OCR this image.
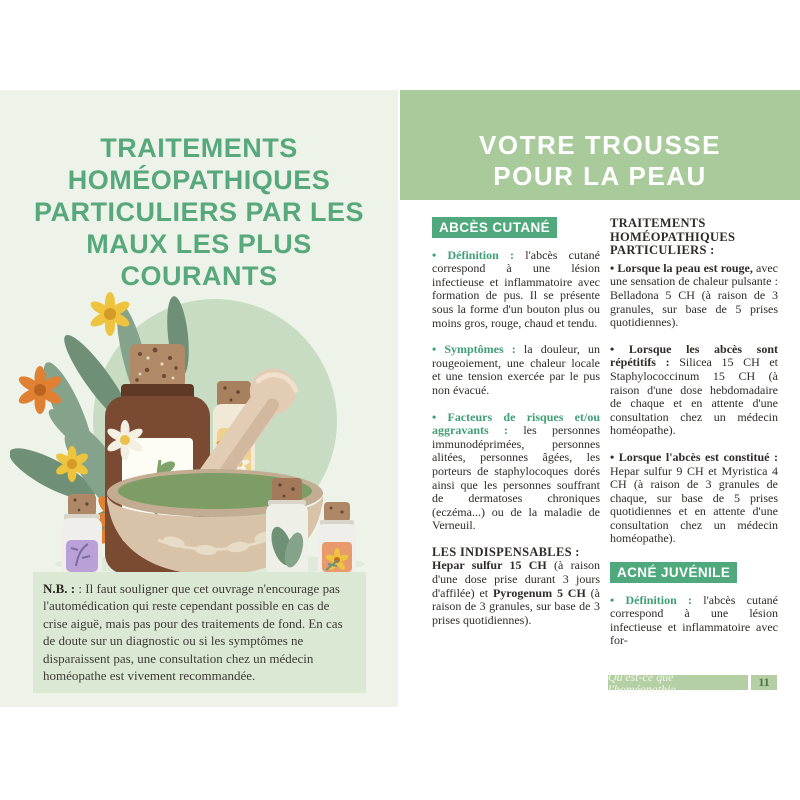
TRAITEMENTS HOMÉOPATHIQUES PARTICULIERS PAR LES MAUX LES PLUS COURANTS
N.B. : : Il faut souligner que cet ouvrage n'encourage pas l'automédication qui reste cependant possible en cas de crise aiguë, mais pas pour des traitements de fond. En cas de doute sur un diagnostic ou si les symptômes ne disparaissent pas, une consultation chez un médecin homéopathe est vivement recommandée.
VOTRE TROUSSE
POUR LA PEAU
ABCÈS CUTANÉ

• Définition : l'abcès cutané correspond à une lésion infectieuse et inflammatoire avec formation de pus. Il se présente sous la forme d'un bouton plus ou moins gros, rouge, chaud et tendu.

• Symptômes : la douleur, un rougeoiement, une chaleur locale et une tension exercée par le pus non évacué.

• Facteurs de risques et/ou aggravants : les personnes immunodéprimées, personnes alitées, personnes âgées, les porteurs de staphylocoques dorés ainsi que les personnes souffrant de dermatoses chroniques (eczéma...) ou de la maladie de Verneuil.

LES INDISPENSABLES :
Hepar sulfur 15 CH (à raison d'une dose prise durant 3 jours d'affilée) et Pyrogenum 5 CH (à raison de 3 granules, sur base de 3 prises quotidiennes).

TRAITEMENTS HOMÉOPATHIQUES PARTICULIERS :

• Lorsque la peau est rouge, avec une sensation de chaleur pulsante : Belladona 5 CH (à raison de 3 granules, sur base de 5 prises quotidiennes).

• Lorsque les abcès sont répétitifs : Silicea 15 CH et Staphylococcinum 15 CH (à raison d'une dose hebdomadaire de chaque et en attente d'une consultation chez un médecin homéopathe).

• Lorsque l'abcès est constitué : Hepar sulfur 9 CH et Myristica 4 CH (à raison de 3 granules de chaque, sur base de 5 prises quotidiennes et en attente d'une consultation chez un médecin homéopathe).

ACNÉ JUVÉNILE

• Définition : l'abcès cutané correspond à une lésion infectieuse et inflammatoire avec for-

Qu'est-ce que l'homéopathie	11
